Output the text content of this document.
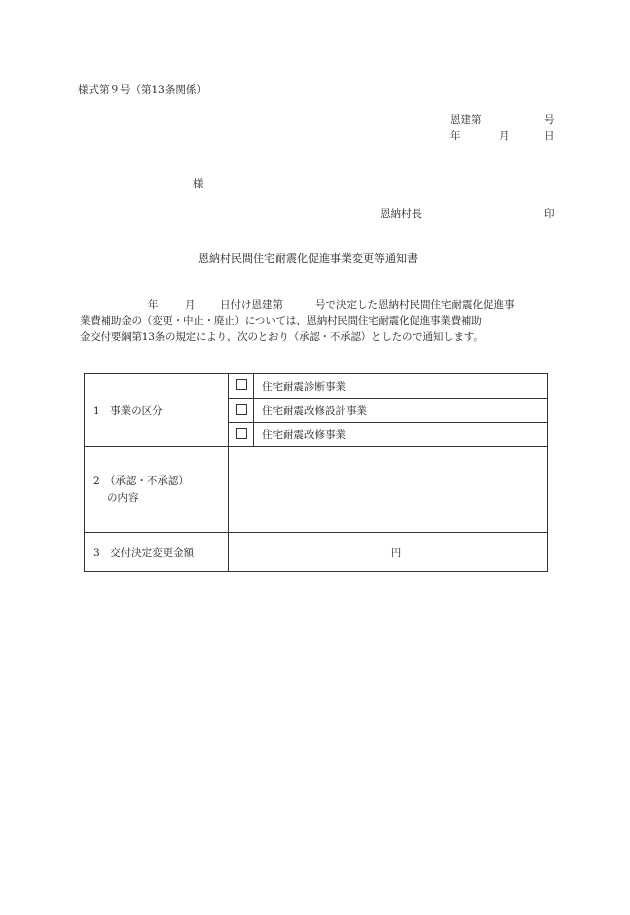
様式第９号（第13条関係）
恩建第	号
年	月	日
様
恩納村長	印
恩納村民間住宅耐震化促進事業変更等通知書
年	月 日付け恩建第	号で決定した恩納村民間住宅耐震化促進事
業費補助金の（変更・中止・廃止）については、恩納村民間住宅耐震化促進事業費補助
金交付要綱第13条の規定により、次のとおり（承認・不承認）としたので通知します。
1　事業の区分		住宅耐震診断事業
		住宅耐震改修設計事業
		住宅耐震改修事業

2　（承認・不承認）
の内容		

3　交付決定変更金額	円	
